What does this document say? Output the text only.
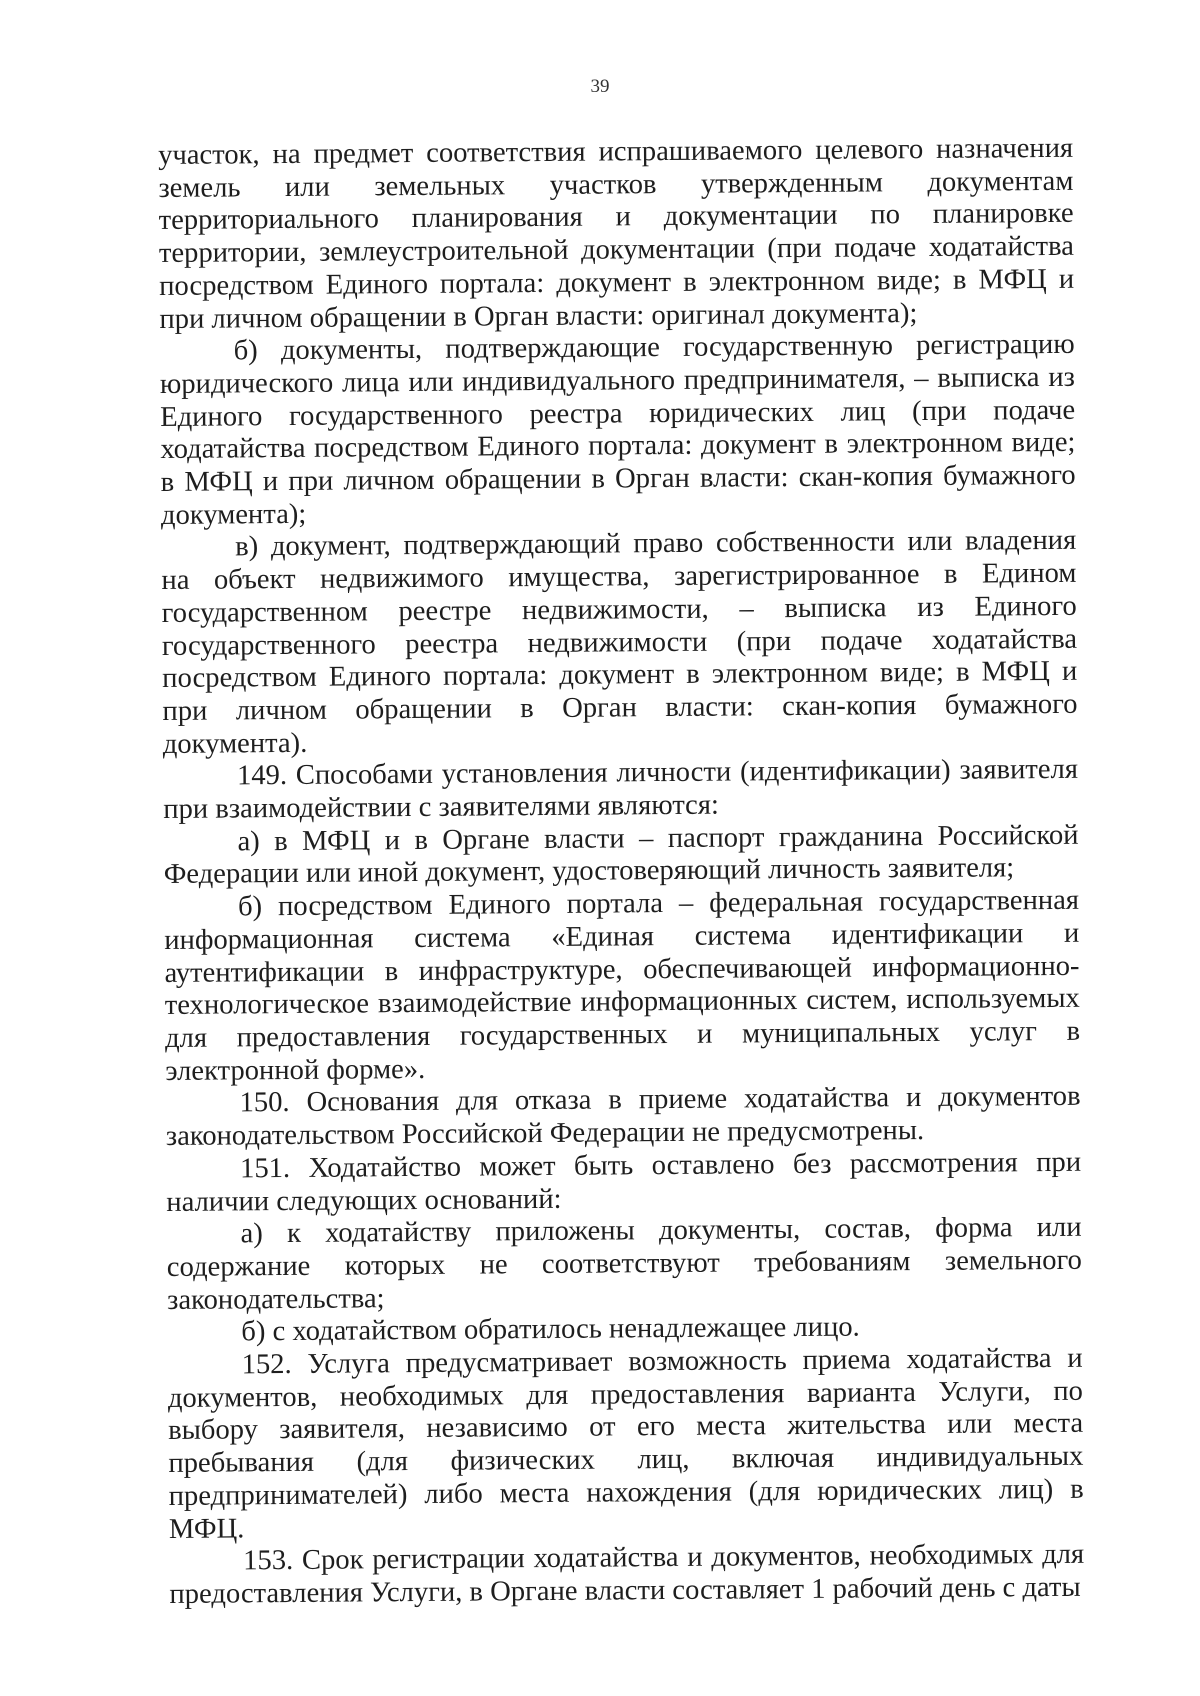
39

участок, на предмет соответствия испрашиваемого целевого назначения земель или земельных участков утвержденным документам территориального планирования и документации по планировке территории, землеустроительной документации (при подаче ходатайства посредством Единого портала: документ в электронном виде; в МФЦ и при личном обращении в Орган власти: оригинал документа);

б) документы, подтверждающие государственную регистрацию юридического лица или индивидуального предпринимателя, – выписка из Единого государственного реестра юридических лиц (при подаче ходатайства посредством Единого портала: документ в электронном виде; в МФЦ и при личном обращении в Орган власти: скан-копия бумажного документа);

в) документ, подтверждающий право собственности или владения на объект недвижимого имущества, зарегистрированное в Едином государственном реестре недвижимости, – выписка из Единого государственного реестра недвижимости (при подаче ходатайства посредством Единого портала: документ в электронном виде; в МФЦ и при личном обращении в Орган власти: скан-копия бумажного документа).

149. Способами установления личности (идентификации) заявителя при взаимодействии с заявителями являются:

а) в МФЦ и в Органе власти – паспорт гражданина Российской Федерации или иной документ, удостоверяющий личность заявителя;

б) посредством Единого портала – федеральная государственная информационная система «Единая система идентификации и аутентификации в инфраструктуре, обеспечивающей информационно-технологическое взаимодействие информационных систем, используемых для предоставления государственных и муниципальных услуг в электронной форме».

150. Основания для отказа в приеме ходатайства и документов законодательством Российской Федерации не предусмотрены.

151. Ходатайство может быть оставлено без рассмотрения при наличии следующих оснований:

а) к ходатайству приложены документы, состав, форма или содержание которых не соответствуют требованиям земельного законодательства;

б) с ходатайством обратилось ненадлежащее лицо.

152. Услуга предусматривает возможность приема ходатайства и документов, необходимых для предоставления варианта Услуги, по выбору заявителя, независимо от его места жительства или места пребывания (для физических лиц, включая индивидуальных предпринимателей) либо места нахождения (для юридических лиц) в МФЦ.

153. Срок регистрации ходатайства и документов, необходимых для предоставления Услуги, в Органе власти составляет 1 рабочий день с даты
